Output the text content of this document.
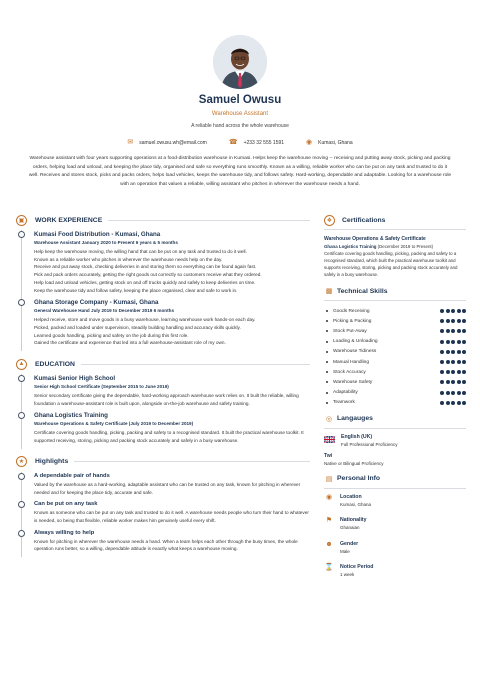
Samuel Owusu
Warehouse Assistant
A reliable hand across the whole warehouse
✉ samuel.owusu.wh@email.com	☎ +233 32 555 1591	◉ Kumasi, Ghana
Warehouse assistant with four years supporting operations at a food-distribution warehouse in Kumasi. Helps keep the warehouse moving -- receiving and putting away stock, picking and packing orders, helping load and unload, and keeping the place tidy, organised and safe so everything runs smoothly. Known as a willing, reliable worker who can be put on any task and trusted to do it well. Receives and stores stock, picks and packs orders, helps load vehicles, keeps the warehouse tidy, and follows safety. Hard-working, dependable and adaptable. Looking for a warehouse role with an operation that values a reliable, willing assistant who pitches in wherever the warehouse needs a hand.
▣	WORK EXPERIENCE
Kumasi Food Distribution - Kumasi, Ghana
Warehouse Assistant January 2020 to Present 6 years & 5 months
Help keep the warehouse moving, the willing hand that can be put on any task and trusted to do it well.
Known as a reliable worker who pitches in wherever the warehouse needs help on the day.
Receive and put away stock, checking deliveries in and storing them so everything can be found again fast.
Pick and pack orders accurately, getting the right goods out correctly so customers receive what they ordered.
Help load and unload vehicles, getting stock on and off trucks quickly and safely to keep deliveries on time.
Keep the warehouse tidy and follow safety, keeping the place organised, clear and safe to work in.
Ghana Storage Company - Kumasi, Ghana
General Warehouse Hand July 2019 to December 2019 6 months
Helped receive, store and move goods in a busy warehouse, learning warehouse work hands-on each day.
Picked, packed and loaded under supervision, steadily building handling and accuracy skills quickly.
Learned goods handling, picking and safety on the job during this first role.
Gained the certificate and experience that led into a full warehouse-assistant role of my own.
▲	EDUCATION
Kumasi Senior High School
Senior High School Certificate (September 2015 to June 2019)
Senior secondary certificate giving the dependable, hard-working approach warehouse work relies on. It built the reliable, willing foundation a warehouse-assistant role is built upon, alongside on-the-job warehouse and safety training.
Ghana Logistics Training
Warehouse Operations & Safety Certificate (July 2019 to December 2019)
Certificate covering goods handling, picking, packing and safety to a recognised standard. It built the practical warehouse toolkit. It supported receiving, storing, picking and packing stock accurately and safely in a busy warehouse.
★	Highlights
A dependable pair of hands
Valued by the warehouse as a hard-working, adaptable assistant who can be trusted on any task, known for pitching in wherever needed and for keeping the place tidy, accurate and safe.
Can be put on any task
Known as someone who can be put on any task and trusted to do it well. A warehouse needs people who turn their hand to whatever is needed, so being that flexible, reliable worker makes him genuinely useful every shift.
Always willing to help
Known for pitching in wherever the warehouse needs a hand. When a team helps each other through the busy times, the whole operation runs better, so a willing, dependable attitude is exactly what keeps a warehouse moving.
❖	Certifications
Warehouse Operations & Safety Certificate
Ghana Logistics Training (December 2019 to Present)
Certificate covering goods handling, picking, packing and safety to a recognised standard, which built the practical warehouse toolkit and supports receiving, storing, picking and packing stock accurately and safely in a busy warehouse.
▩ Technical Skills
Goods Receiving
Picking & Packing
Stock Put-Away
Loading & Unloading
Warehouse Tidiness
Manual Handling
Stock Accuracy
Warehouse Safety
Adaptability
Teamwork
◎ Langauges
English (UK)
Full Professional Proficiency
Twi
Native or Bilingual Proficiency
▤ Personal Info
◉	Location
Kumasi, Ghana
⚑	Nationality
Ghanaian
☻ Gender
Male
⌛ Notice Period
1 week
